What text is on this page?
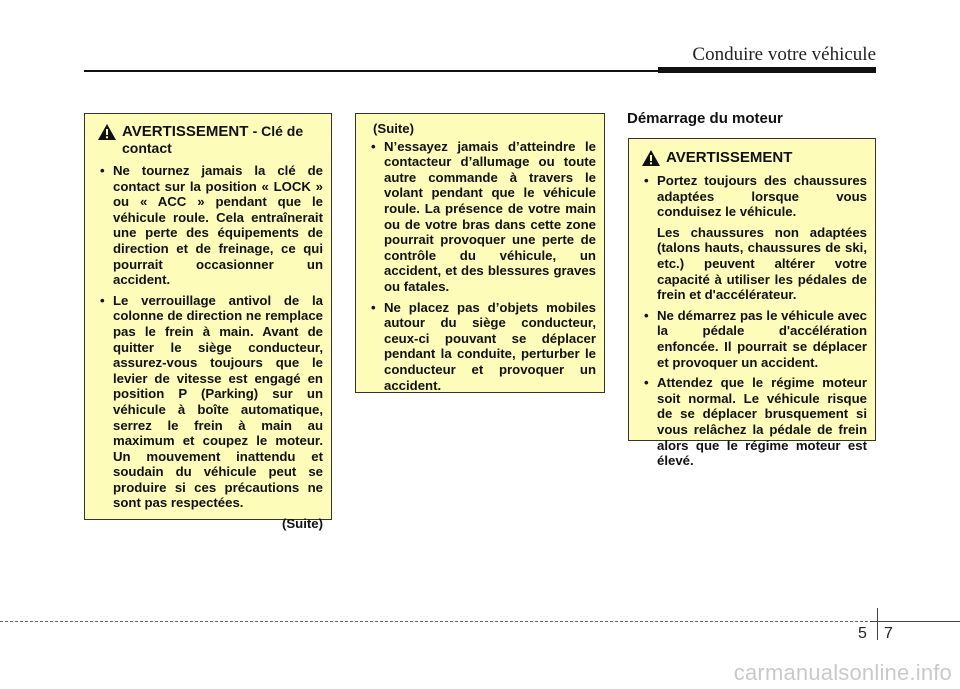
Conduire votre véhicule
AVERTISSEMENT - Clé de contact
• Ne tournez jamais la clé de contact sur la position « LOCK » ou « ACC » pendant que le véhicule roule. Cela entraînerait une perte des équipements de direction et de freinage, ce qui pourrait occasionner un accident.
• Le verrouillage antivol de la colonne de direction ne remplace pas le frein à main. Avant de quitter le siège conducteur, assurez-vous toujours que le levier de vitesse est engagé en position P (Parking) sur un véhicule à boîte automatique, serrez le frein à main au maximum et coupez le moteur. Un mouvement inattendu et soudain du véhicule peut se produire si ces précautions ne sont pas respectées.
(Suite)
(Suite)
• N’essayez jamais d’atteindre le contacteur d’allumage ou toute autre commande à travers le volant pendant que le véhicule roule. La présence de votre main ou de votre bras dans cette zone pourrait provoquer une perte de contrôle du véhicule, un accident, et des blessures graves ou fatales.
• Ne placez pas d’objets mobiles autour du siège conducteur, ceux-ci pouvant se déplacer pendant la conduite, perturber le conducteur et provoquer un accident.
Démarrage du moteur
AVERTISSEMENT

• Portez toujours des chaussures adaptées lorsque vous conduisez le véhicule.

Les chaussures non adaptées (talons hauts, chaussures de ski, etc.) peuvent altérer votre capacité à utiliser les pédales de frein et d'accélérateur.

• Ne démarrez pas le véhicule avec la pédale d'accélération enfoncée. Il pourrait se déplacer et provoquer un accident.
• Attendez que le régime moteur soit normal. Le véhicule risque de se déplacer brusquement si vous relâchez la pédale de frein alors que le régime moteur est élevé.
5 7
carmanualsonline.info
